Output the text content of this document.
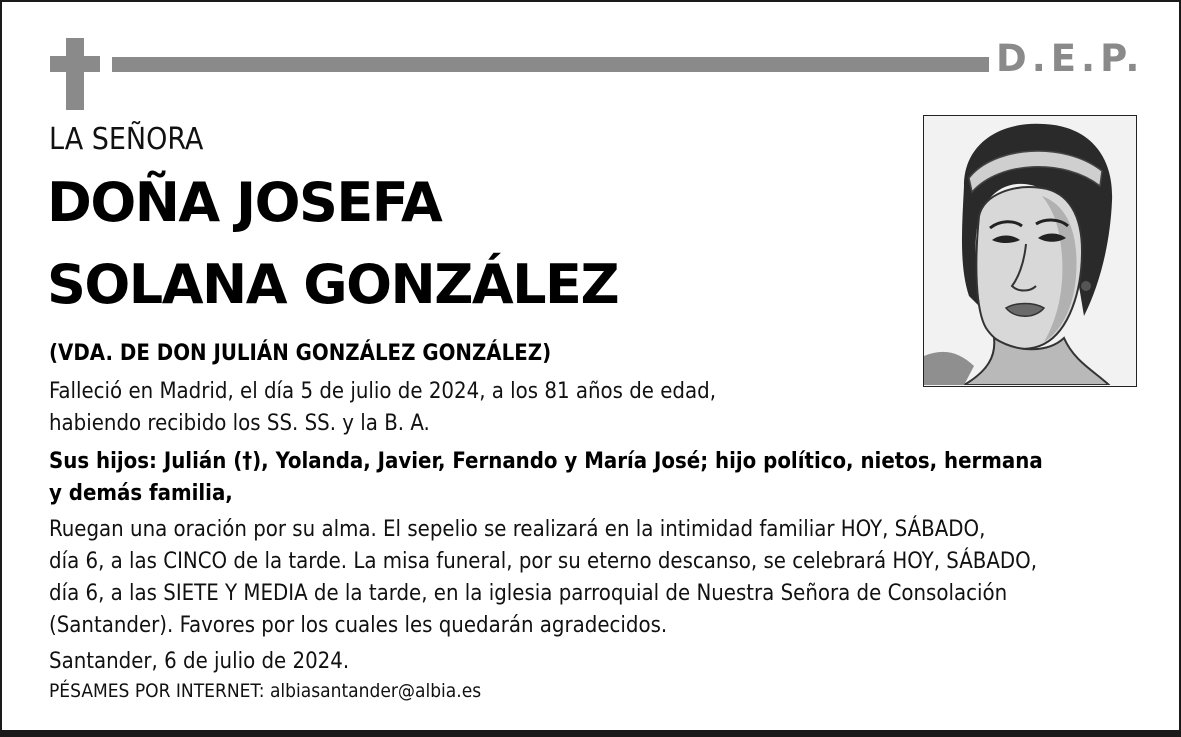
D.E.P.
LA SEÑORA
DOÑA JOSEFA
SOLANA GONZÁLEZ
(VDA. DE DON JULIÁN GONZÁLEZ GONZÁLEZ)
Falleció en Madrid, el día 5 de julio de 2024, a los 81 años de edad,
habiendo recibido los SS. SS. y la B. A.
Sus hijos: Julián (†), Yolanda, Javier, Fernando y María José; hijo político, nietos, hermana
y demás familia,
Ruegan una oración por su alma. El sepelio se realizará en la intimidad familiar HOY, SÁBADO,
día 6, a las CINCO de la tarde. La misa funeral, por su eterno descanso, se celebrará HOY, SÁBADO,
día 6, a las SIETE Y MEDIA de la tarde, en la iglesia parroquial de Nuestra Señora de Consolación
(Santander). Favores por los cuales les quedarán agradecidos.
Santander, 6 de julio de 2024.
PÉSAMES POR INTERNET: albiasantander@albia.es
